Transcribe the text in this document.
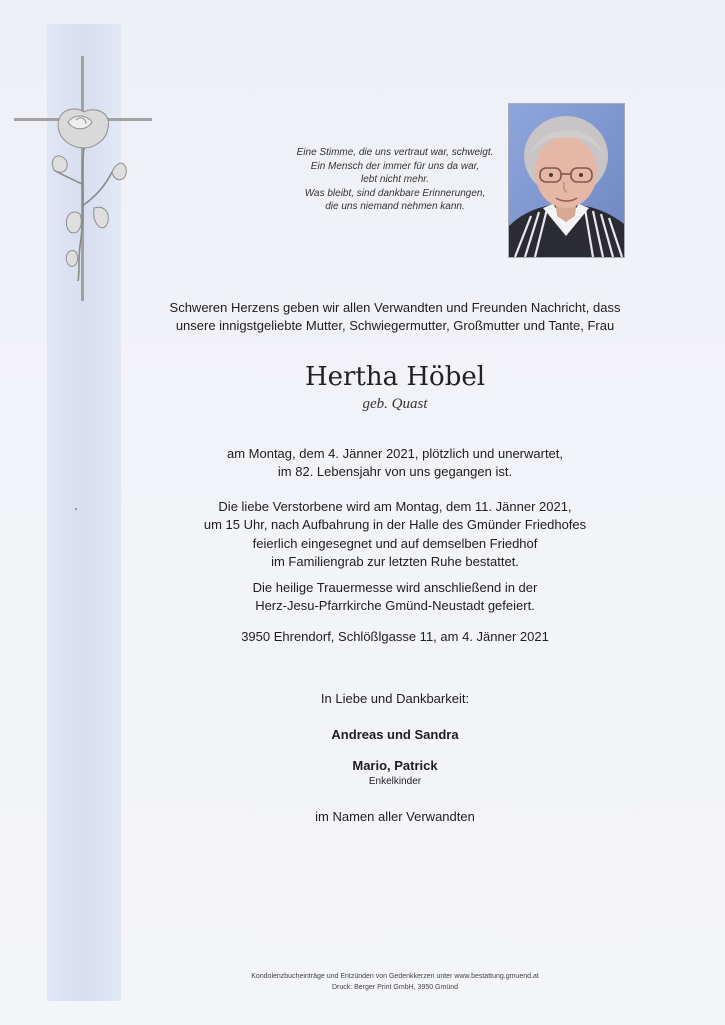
Eine Stimme, die uns vertraut war, schweigt.
Ein Mensch der immer für uns da war,
lebt nicht mehr.
Was bleibt, sind dankbare Erinnerungen,
die uns niemand nehmen kann.
Schweren Herzens geben wir allen Verwandten und Freunden Nachricht, dass
unsere innigstgeliebte Mutter, Schwiegermutter, Großmutter und Tante, Frau
Hertha Höbel
geb. Quast
am Montag, dem 4. Jänner 2021, plötzlich und unerwartet,
im 82. Lebensjahr von uns gegangen ist.
Die liebe Verstorbene wird am Montag, dem 11. Jänner 2021,
um 15 Uhr, nach Aufbahrung in der Halle des Gmünder Friedhofes
feierlich eingesegnet und auf demselben Friedhof
im Familiengrab zur letzten Ruhe bestattet.
Die heilige Trauermesse wird anschließend in der
Herz-Jesu-Pfarrkirche Gmünd-Neustadt gefeiert.
3950 Ehrendorf, Schlößlgasse 11, am 4. Jänner 2021
In Liebe und Dankbarkeit:
Andreas und Sandra
Mario, Patrick
Enkelkinder
im Namen aller Verwandten
Kondolenzbucheinträge und Entzünden von Gedenkkerzen unter www.bestattung.gmuend.at
Druck: Berger Print GmbH, 3950 Gmünd
